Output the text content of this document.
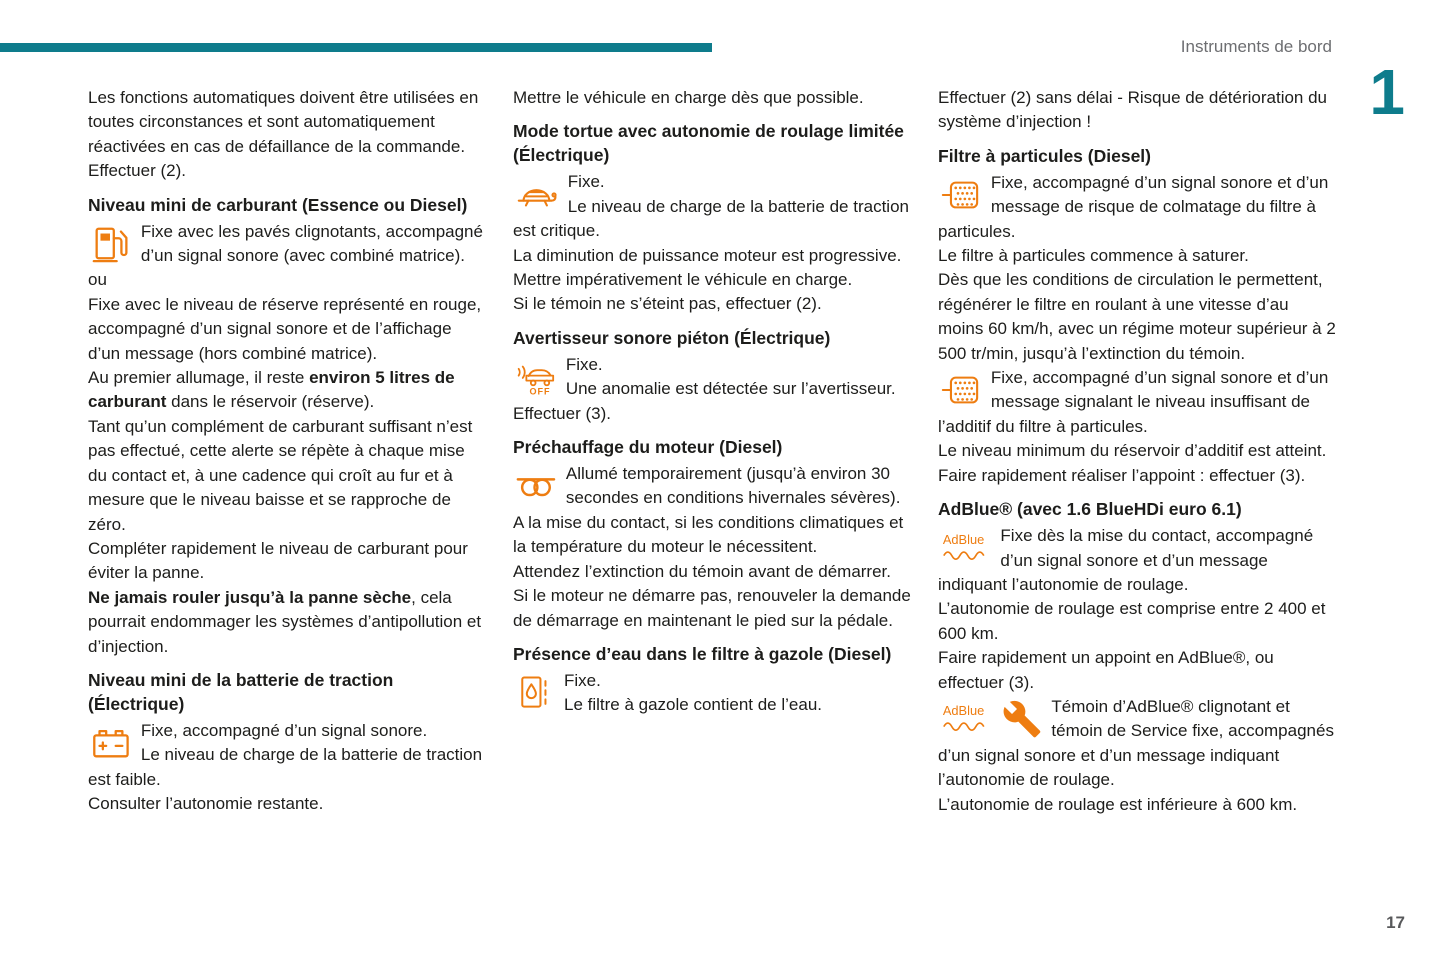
Instruments de bord
1

Les fonctions automatiques doivent être utilisées en toutes circonstances et sont automatiquement réactivées en cas de défaillance de la commande.

Effectuer (2).

Niveau mini de carburant (Essence ou Diesel)

Fixe avec les pavés clignotants, accompagné d’un signal sonore (avec combiné matrice).

ou

Fixe avec le niveau de réserve représenté en rouge, accompagné d’un signal sonore et de l’affichage d’un message (hors combiné matrice).

Au premier allumage, il reste environ 5 litres de carburant dans le réservoir (réserve).

Tant qu’un complément de carburant suffisant n’est pas effectué, cette alerte se répète à chaque mise du contact et, à une cadence qui croît au fur et à mesure que le niveau baisse et se rapproche de zéro.

Compléter rapidement le niveau de carburant pour éviter la panne.

Ne jamais rouler jusqu’à la panne sèche, cela pourrait endommager les systèmes d’antipollution et d’injection.

Niveau mini de la batterie de traction (Électrique)

Fixe, accompagné d’un signal sonore.
Le niveau de charge de la batterie de traction est faible.

Consulter l’autonomie restante.

Mettre le véhicule en charge dès que possible.

Mode tortue avec autonomie de roulage limitée (Électrique)

Fixe.
Le niveau de charge de la batterie de traction est critique.

La diminution de puissance moteur est progressive.

Mettre impérativement le véhicule en charge.

Si le témoin ne s’éteint pas, effectuer (2).

Avertisseur sonore piéton (Électrique)

OFF
Fixe.
Une anomalie est détectée sur l’avertisseur.

Effectuer (3).

Préchauffage du moteur (Diesel)

Allumé temporairement (jusqu’à environ 30 secondes en conditions hivernales sévères).

A la mise du contact, si les conditions climatiques et la température du moteur le nécessitent.

Attendez l’extinction du témoin avant de démarrer.

Si le moteur ne démarre pas, renouveler la demande de démarrage en maintenant le pied sur la pédale.

Présence d’eau dans le filtre à gazole (Diesel)

Fixe.
Le filtre à gazole contient de l’eau.

Effectuer (2) sans délai - Risque de détérioration du système d’injection !

Filtre à particules (Diesel)

Fixe, accompagné d’un signal sonore et d’un message de risque de colmatage du filtre à particules.

Le filtre à particules commence à saturer.

Dès que les conditions de circulation le permettent, régénérer le filtre en roulant à une vitesse d’au moins 60 km/h, avec un régime moteur supérieur à 2 500 tr/min, jusqu’à l’extinction du témoin.

Fixe, accompagné d’un signal sonore et d’un message signalant le niveau insuffisant de l’additif du filtre à particules.

Le niveau minimum du réservoir d’additif est atteint.

Faire rapidement réaliser l’appoint : effectuer (3).

AdBlue® (avec 1.6 BlueHDi euro 6.1)

AdBlue Fixe dès la mise du contact, accompagné d’un signal sonore et d’un message indiquant l’autonomie de roulage.

L’autonomie de roulage est comprise entre 2 400 et 600 km.

Faire rapidement un appoint en AdBlue®, ou effectuer (3).

AdBlue	Témoin d’AdBlue® clignotant et témoin de Service fixe, accompagnés d’un signal sonore et d’un message indiquant l’autonomie de roulage.

L’autonomie de roulage est inférieure à 600 km.

17
